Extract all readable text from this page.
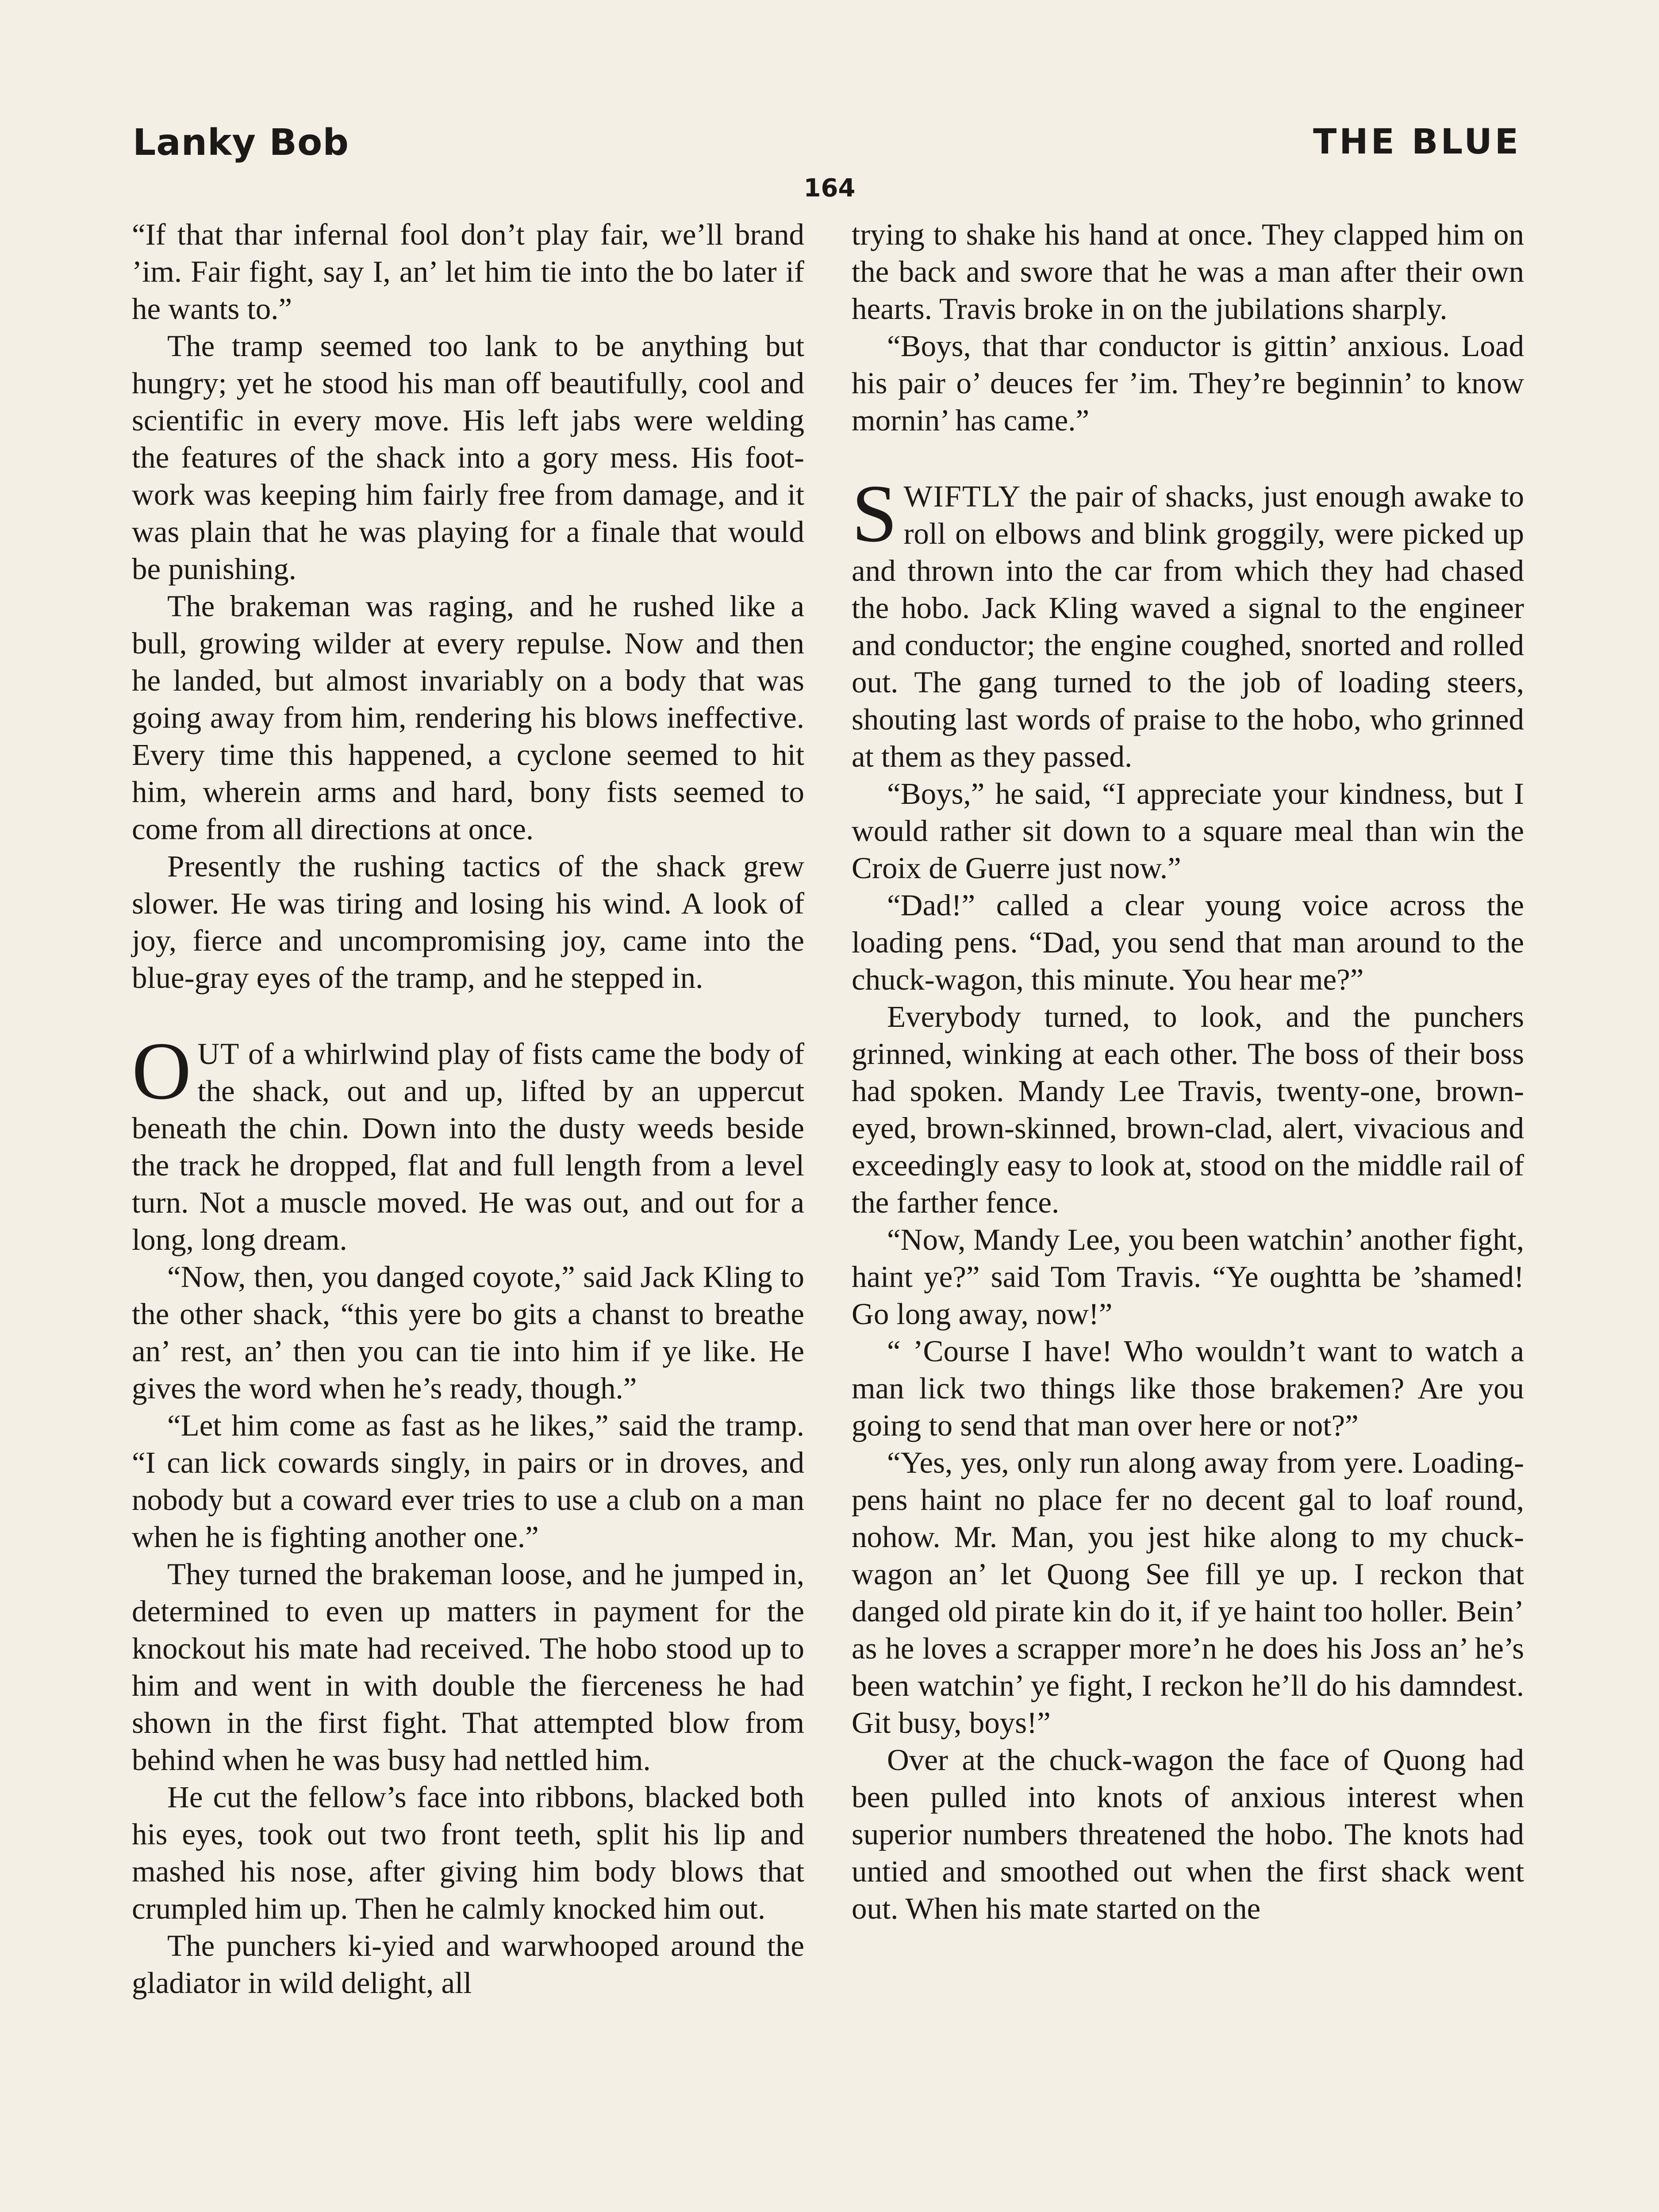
Lanky Bob	THE BLUE
164

“If that thar infernal fool don’t play fair, we’ll brand ’im. Fair fight, say I, an’ let him tie into the bo later if he wants to.”

The tramp seemed too lank to be anything but hungry; yet he stood his man off beautifully, cool and scientific in every move. His left jabs were welding the features of the shack into a gory mess. His foot-work was keeping him fairly free from damage, and it was plain that he was playing for a finale that would be punishing.

The brakeman was raging, and he rushed like a bull, growing wilder at every repulse. Now and then he landed, but almost invariably on a body that was going away from him, rendering his blows ineffective. Every time this happened, a cyclone seemed to hit him, wherein arms and hard, bony fists seemed to come from all directions at once.

Presently the rushing tactics of the shack grew slower. He was tiring and losing his wind. A look of joy, fierce and uncompromising joy, came into the blue-gray eyes of the tramp, and he stepped in.

OUT of a whirlwind play of fists came the body of the shack, out and up, lifted by an uppercut beneath the chin. Down into the dusty weeds beside the track he dropped, flat and full length from a level turn. Not a muscle moved. He was out, and out for a long, long dream.

“Now, then, you danged coyote,” said Jack Kling to the other shack, “this yere bo gits a chanst to breathe an’ rest, an’ then you can tie into him if ye like. He gives the word when he’s ready, though.”

“Let him come as fast as he likes,” said the tramp. “I can lick cowards singly, in pairs or in droves, and nobody but a coward ever tries to use a club on a man when he is fighting another one.”

They turned the brakeman loose, and he jumped in, determined to even up matters in payment for the knockout his mate had received. The hobo stood up to him and went in with double the fierceness he had shown in the first fight. That attempted blow from behind when he was busy had nettled him.

He cut the fellow’s face into ribbons, blacked both his eyes, took out two front teeth, split his lip and mashed his nose, after giving him body blows that crumpled him up. Then he calmly knocked him out.

The punchers ki-yied and warwhooped around the gladiator in wild delight, all

trying to shake his hand at once. They clapped him on the back and swore that he was a man after their own hearts. Travis broke in on the jubilations sharply.

“Boys, that thar conductor is gittin’ anxious. Load his pair o’ deuces fer ’im. They’re beginnin’ to know mornin’ has came.”

SWIFTLY the pair of shacks, just enough awake to roll on elbows and blink groggily, were picked up and thrown into the car from which they had chased the hobo. Jack Kling waved a signal to the engineer and conductor; the engine coughed, snorted and rolled out. The gang turned to the job of loading steers, shouting last words of praise to the hobo, who grinned at them as they passed.

“Boys,” he said, “I appreciate your kindness, but I would rather sit down to a square meal than win the Croix de Guerre just now.”

“Dad!” called a clear young voice across the loading pens. “Dad, you send that man around to the chuck-wagon, this minute. You hear me?”

Everybody turned, to look, and the punchers grinned, winking at each other. The boss of their boss had spoken. Mandy Lee Travis, twenty-one, brown-eyed, brown-skinned, brown-clad, alert, vivacious and exceedingly easy to look at, stood on the middle rail of the farther fence.

“Now, Mandy Lee, you been watchin’ another fight, haint ye?” said Tom Travis. “Ye oughtta be ’shamed! Go long away, now!”

“ ’Course I have! Who wouldn’t want to watch a man lick two things like those brakemen? Are you going to send that man over here or not?”

“Yes, yes, only run along away from yere. Loading-pens haint no place fer no decent gal to loaf round, nohow. Mr. Man, you jest hike along to my chuck-wagon an’ let Quong See fill ye up. I reckon that danged old pirate kin do it, if ye haint too holler. Bein’ as he loves a scrapper more’n he does his Joss an’ he’s been watchin’ ye fight, I reckon he’ll do his damndest. Git busy, boys!”

Over at the chuck-wagon the face of Quong had been pulled into knots of anxious interest when superior numbers threatened the hobo. The knots had untied and smoothed out when the first shack went out. When his mate started on the
